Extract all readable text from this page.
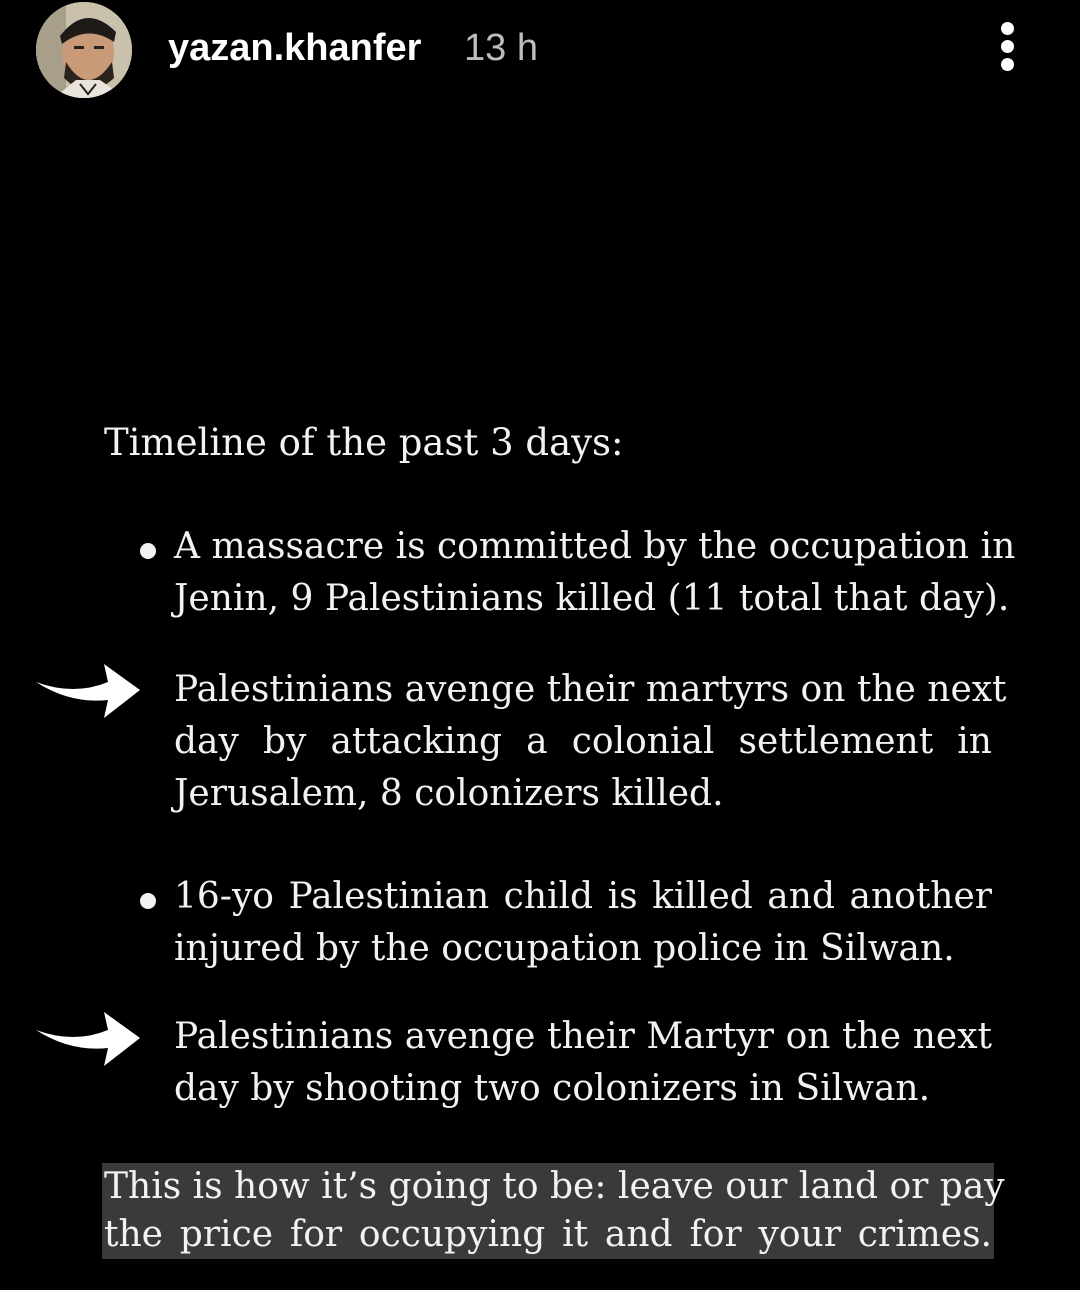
yazan.khanfer 13 h
Timeline of the past 3 days:
A massacre is committed by the occupation in
Jenin, 9 Palestinians killed (11 total that day).
Palestinians avenge their martyrs on the next
day by attacking a colonial settlement in
Jerusalem, 8 colonizers killed.
16-yo Palestinian child is killed and another
injured by the occupation police in Silwan.
Palestinians avenge their Martyr on the next
day by shooting two colonizers in Silwan.
This is how it’s going to be: leave our land or pay
the price for occupying it and for your crimes.
